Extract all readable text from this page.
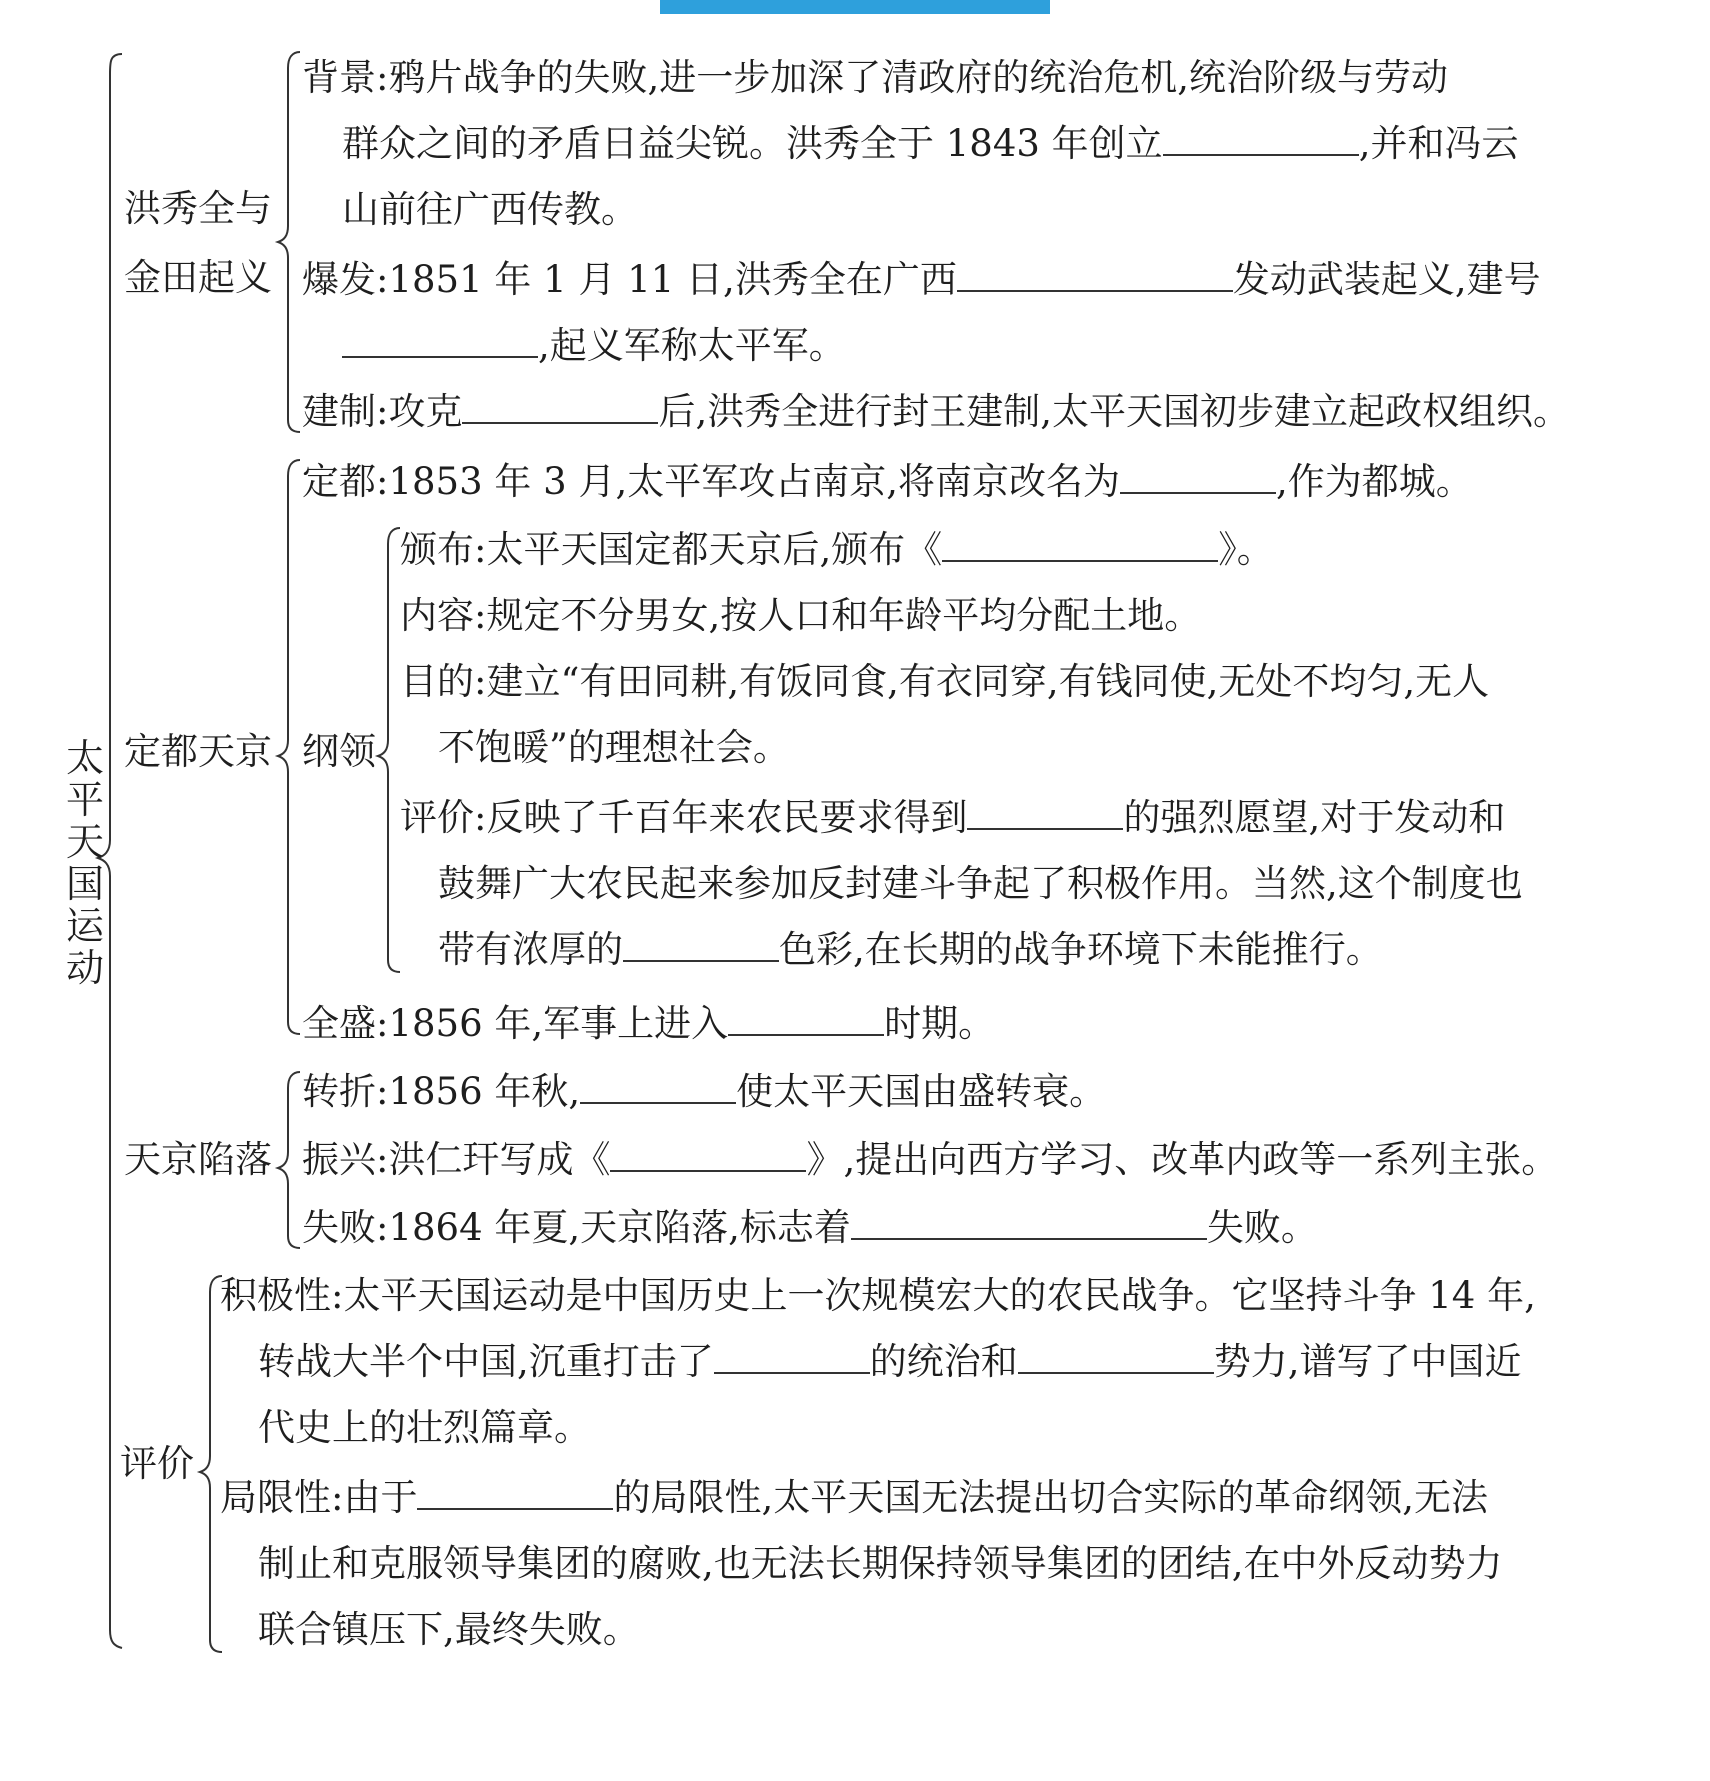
太平天国运动
洪秀全与
金田起义
背景:鸦片战争的失败,进一步加深了清政府的统治危机,统治阶级与劳动
群众之间的矛盾日益尖锐。洪秀全于 1843 年创立	,并和冯云
山前往广西传教。
爆发:1851 年 1 月 11 日,洪秀全在广西	发动武装起义,建号
,起义军称太平军。
建制:攻克	后,洪秀全进行封王建制,太平天国初步建立起政权组织。
定都天京
定都:1853 年 3 月,太平军攻占南京,将南京改名为	,作为都城。
纲领
颁布:太平天国定都天京后,颁布《	》。
内容:规定不分男女,按人口和年龄平均分配土地。
目的:建立“有田同耕,有饭同食,有衣同穿,有钱同使,无处不均匀,无人
不饱暖”的理想社会。
评价:反映了千百年来农民要求得到	的强烈愿望,对于发动和
鼓舞广大农民起来参加反封建斗争起了积极作用。当然,这个制度也
带有浓厚的	色彩,在长期的战争环境下未能推行。
全盛:1856 年,军事上进入	时期。
天京陷落
转折:1856 年秋,	使太平天国由盛转衰。
振兴:洪仁玕写成《	》,提出向西方学习、改革内政等一系列主张。
失败:1864 年夏,天京陷落,标志着	失败。
评价
积极性:太平天国运动是中国历史上一次规模宏大的农民战争。它坚持斗争 14 年,
转战大半个中国,沉重打击了	的统治和	势力,谱写了中国近
代史上的壮烈篇章。
局限性:由于	的局限性,太平天国无法提出切合实际的革命纲领,无法
制止和克服领导集团的腐败,也无法长期保持领导集团的团结,在中外反动势力
联合镇压下,最终失败。
